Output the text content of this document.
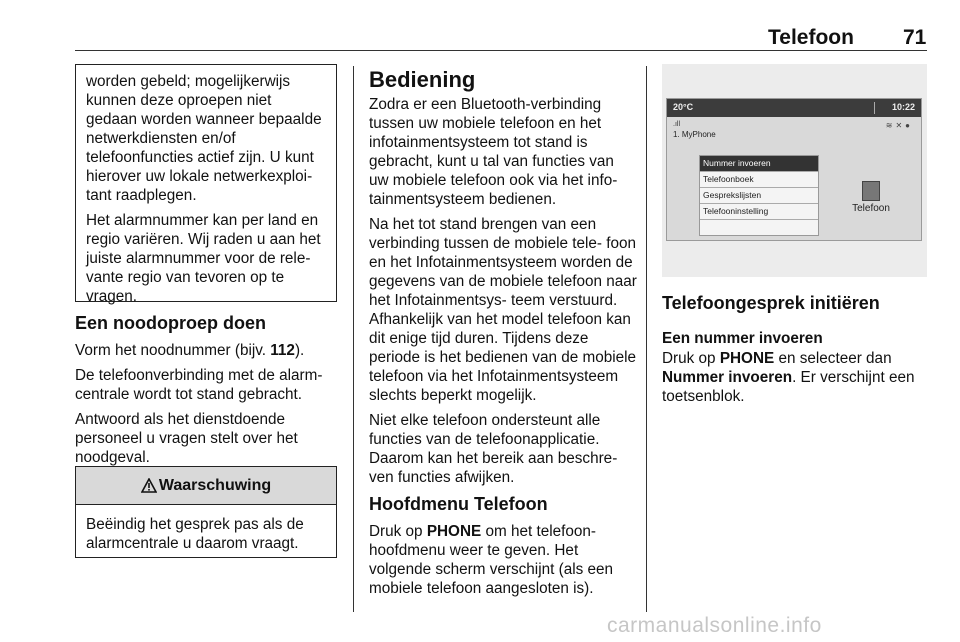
Telefoon 71

worden gebeld; mogelijkerwijs kunnen deze oproepen niet gedaan worden wanneer bepaalde netwerkdiensten en/of telefoonfuncties actief zijn. U kunt hierover uw lokale netwerkexploi- tant raadplegen.

Het alarmnummer kan per land en regio variëren. Wij raden u aan het juiste alarmnummer voor de rele- vante regio van tevoren op te vragen.

Een noodoproep doen

Vorm het noodnummer (bijv. 112).

De telefoonverbinding met de alarm- centrale wordt tot stand gebracht.

Antwoord als het dienstdoende personeel u vragen stelt over het noodgeval.

Waarschuwing
Beëindig het gesprek pas als de alarmcentrale u daarom vraagt.
Bediening

Zodra er een Bluetooth-verbinding tussen uw mobiele telefoon en het infotainmentsysteem tot stand is gebracht, kunt u tal van functies van uw mobiele telefoon ook via het info- tainmentsysteem bedienen.

Na het tot stand brengen van een verbinding tussen de mobiele tele- foon en het Infotainmentsysteem worden de gegevens van de mobiele telefoon naar het Infotainmentsys- teem verstuurd. Afhankelijk van het model telefoon kan dit enige tijd duren. Tijdens deze periode is het bedienen van de mobiele telefoon via het Infotainmentsysteem slechts beperkt mogelijk.

Niet elke telefoon ondersteunt alle functies van de telefoonapplicatie. Daarom kan het bereik aan beschre- ven functies afwijken.

Hoofdmenu Telefoon

Druk op PHONE om het telefoon- hoofdmenu weer te geven. Het volgende scherm verschijnt (als een mobiele telefoon aangesloten is).

20°C	10:22
.ıll
1. MyPhone
≋✕●
Nummer invoeren
Telefoonboek
Gesprekslijsten
Telefooninstelling	Telefoon
Telefoongesprek initiëren
Een nummer invoeren

Druk op PHONE en selecteer dan Nummer invoeren. Er verschijnt een toetsenblok.

carmanualsonline.info
